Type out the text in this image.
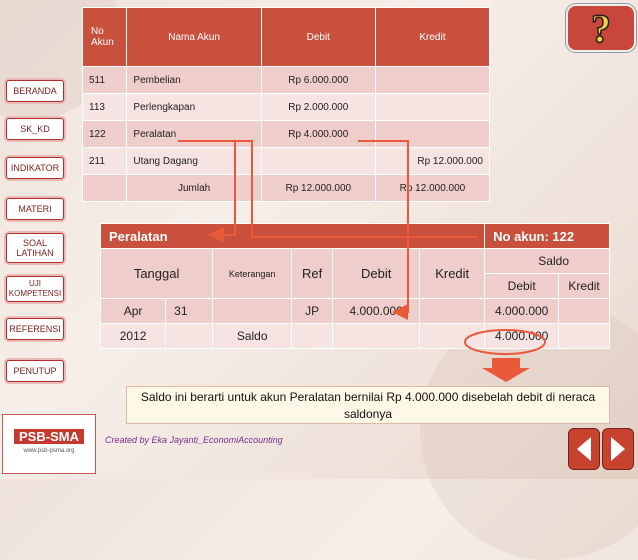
BERANDA
SK_KD
INDIKATOR
MATERI
SOAL LATIHAN
UJI KOMPETENSI
REFERENSI
PENUTUP
?
No Akun	Nama Akun	Debit	Kredit
511	Pembelian	Rp 6.000.000	
113	Perlengkapan	Rp 2.000.000	
122	Peralatan	Rp 4.000.000	
211	Utang Dagang		Rp 12.000.000
	Jumlah	Rp 12.000.000	Rp 12.000.000
Peralatan						No akun: 122	
Tanggal		Keterangan	Ref	Debit	Kredit	Saldo	
						Debit	Kredit
Apr	31		JP	4.000.000		4.000.000	
2012		Saldo				4.000.000	
Saldo ini berarti untuk akun Peralatan bernilai Rp 4.000.000 disebelah debit di neraca saldonya
Created by Eka Jayanti_EconomiAccounting
PSB-SMA
www.psb-psma.org
